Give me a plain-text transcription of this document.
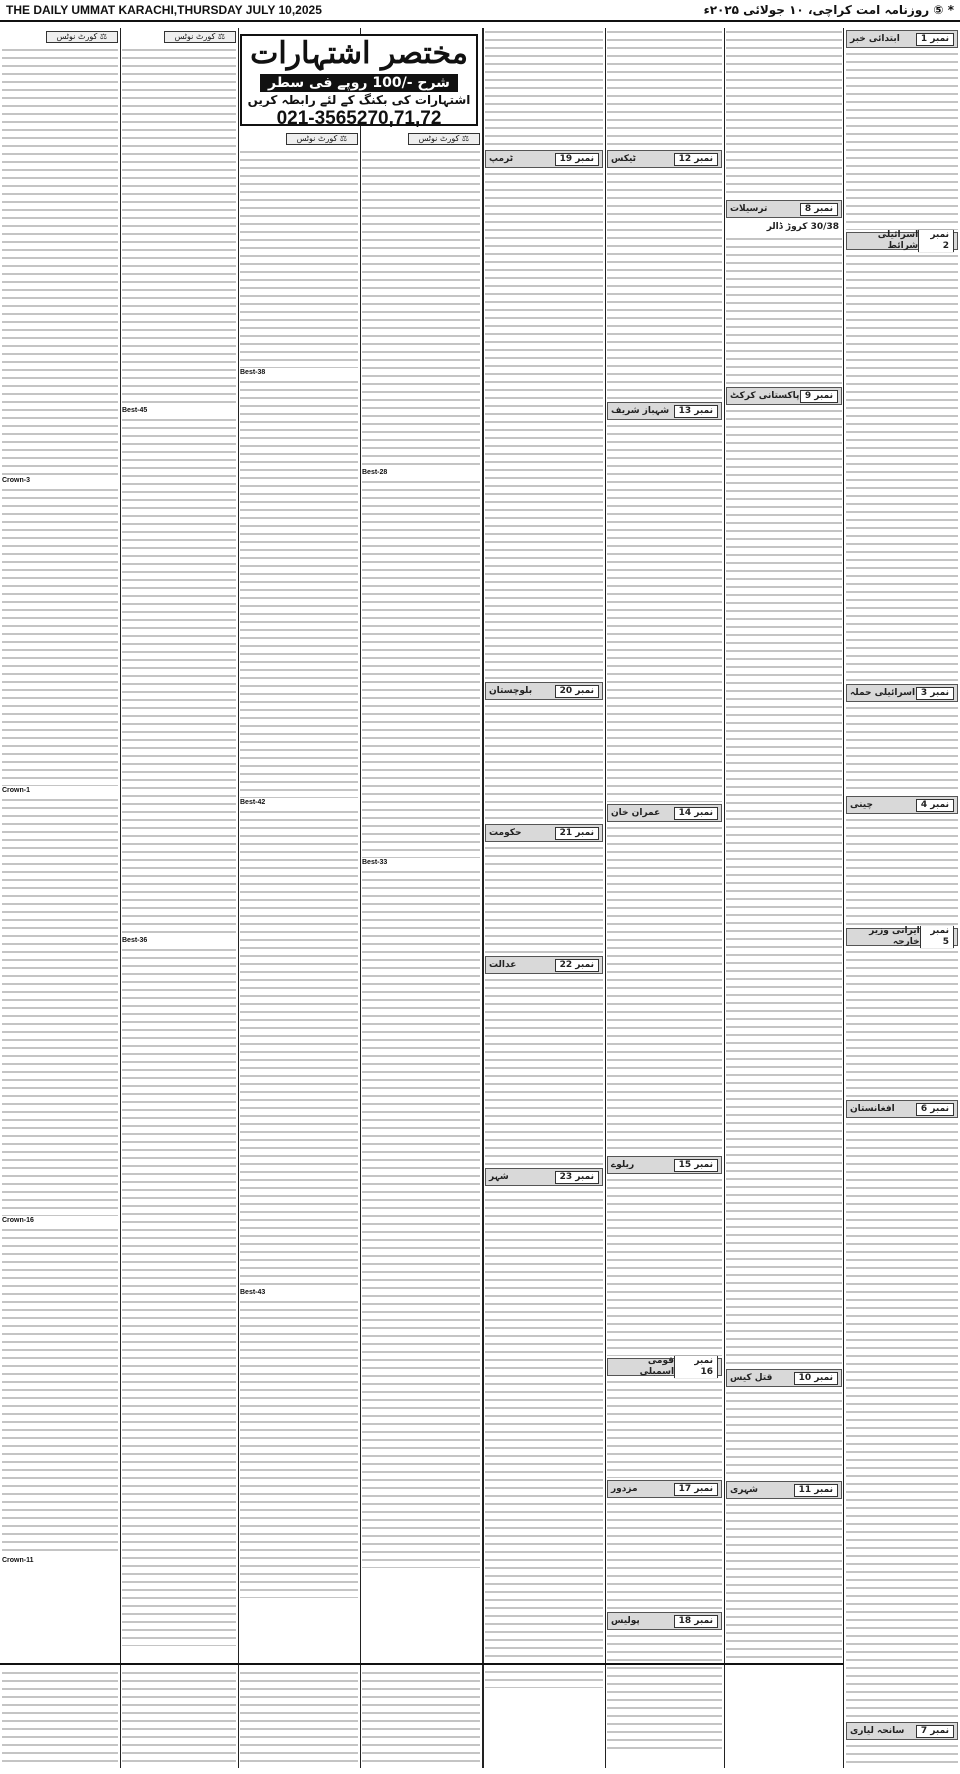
THE DAILY UMMAT KARACHI,THURSDAY JULY 10,2025	* ⑤ روزنامہ امت کراچی، ۱۰ جولائی ۲۰۲۵ء
⚖ کورٹ نوٹس
Crown-3
Crown-1
Crown-16
Crown-11
⚖ کورٹ نوٹس
Best-45
Best-36
مختصر اشتہارات
شرح -/100 روپے فی سطر
اشتہارات کی بکنگ کے لئے رابطہ کریں
021-3565270,71,72
⚖ کورٹ نوٹس
Best-38
Best-42
Best-43
⚖ کورٹ نوٹس
Best-28
Best-33
نمبر 19
ٹرمپ
نمبر 20
بلوچستان
نمبر 21
حکومت
نمبر 22
عدالت
نمبر 23
شہر
نمبر 12
ٹیکس
نمبر 13
شہباز شریف
نمبر 14
عمران خان
نمبر 15
ریلوے
نمبر 16
قومی اسمبلی
نمبر 17
مزدور
نمبر 18
پولیس
نمبر 8
ترسیلات
30/38 کروڑ ڈالر
نمبر 9
پاکستانی کرکٹ
نمبر 10
قتل کیس
نمبر 11
شہری
نمبر 1
ابتدائی خبر
نمبر 2
اسرائیلی شرائط
نمبر 3
اسرائیلی حملہ
نمبر 4
چینی
نمبر 5
ایرانی وزیر خارجہ
نمبر 6
افغانستان
نمبر 7
سانحہ لیاری
